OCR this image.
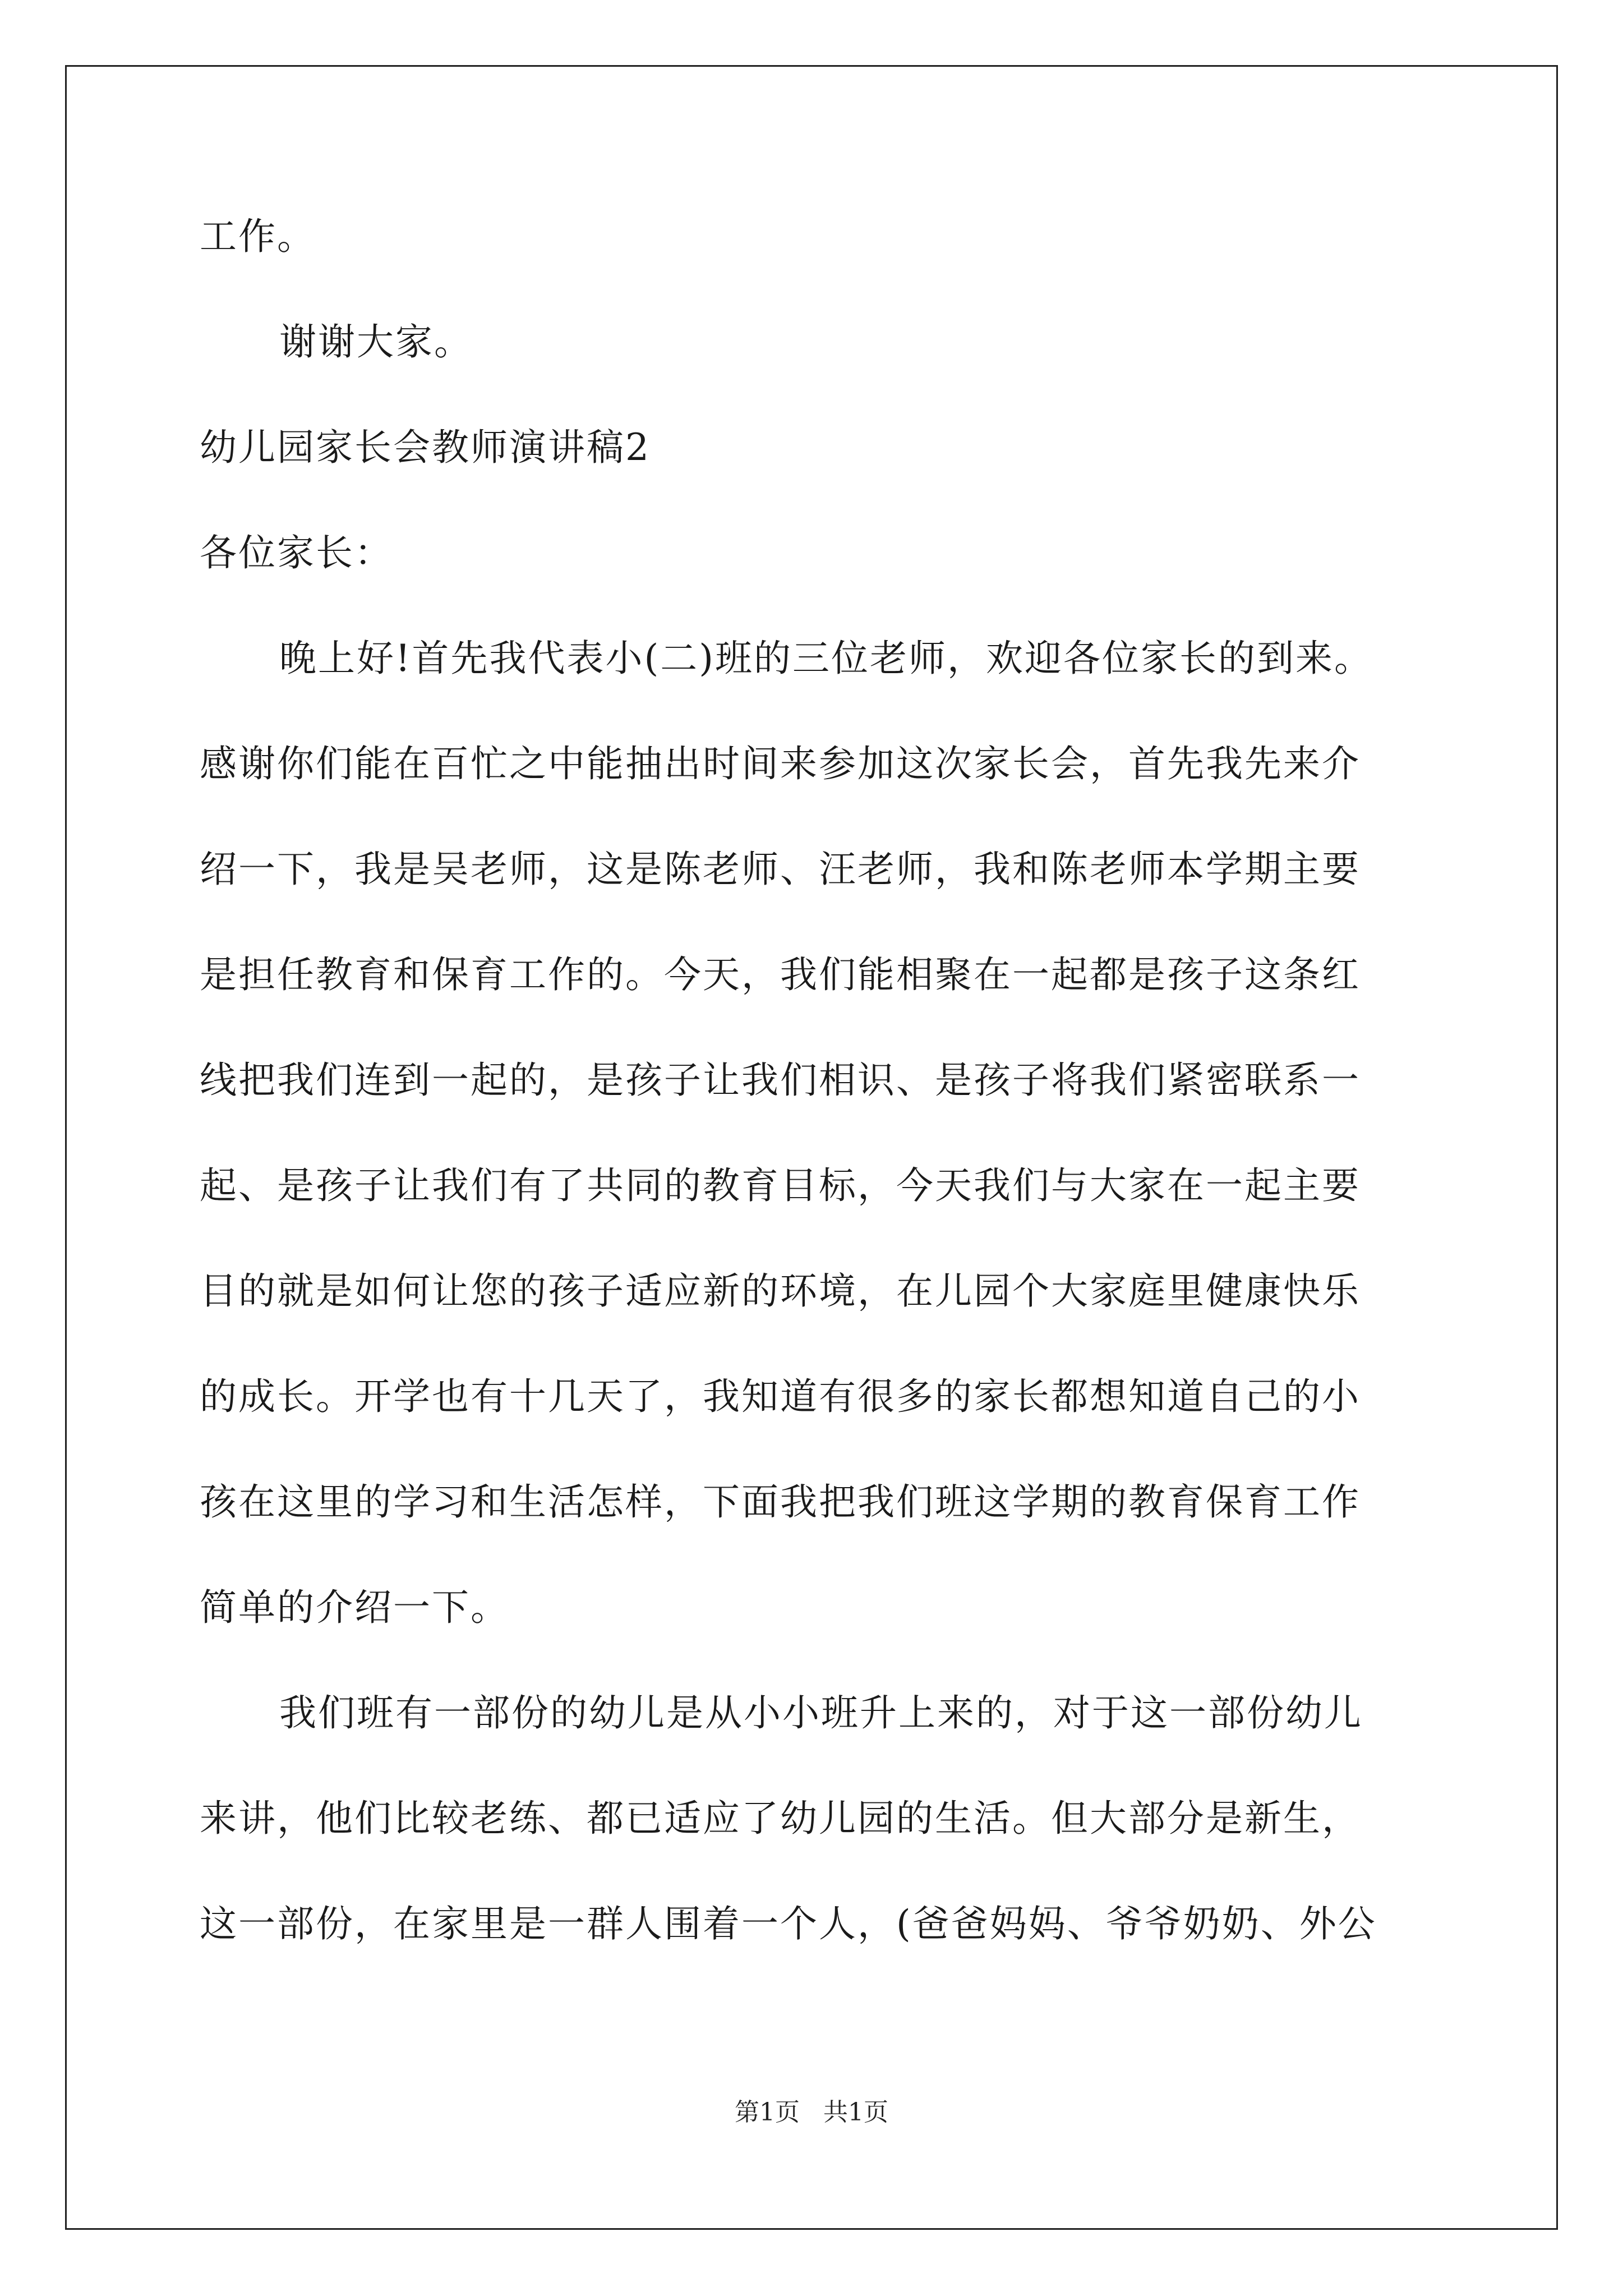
工作。
谢谢大家。
幼儿园家长会教师演讲稿2
各位家长：
晚上好!首先我代表小(二)班的三位老师，欢迎各位家长的到来。
感谢你们能在百忙之中能抽出时间来参加这次家长会，首先我先来介
绍一下，我是吴老师，这是陈老师、汪老师，我和陈老师本学期主要
是担任教育和保育工作的。今天，我们能相聚在一起都是孩子这条红
线把我们连到一起的，是孩子让我们相识、是孩子将我们紧密联系一
起、是孩子让我们有了共同的教育目标，今天我们与大家在一起主要
目的就是如何让您的孩子适应新的环境，在儿园个大家庭里健康快乐
的成长。开学也有十几天了，我知道有很多的家长都想知道自己的小
孩在这里的学习和生活怎样，下面我把我们班这学期的教育保育工作
简单的介绍一下。
我们班有一部份的幼儿是从小小班升上来的，对于这一部份幼儿
来讲，他们比较老练、都已适应了幼儿园的生活。但大部分是新生，
这一部份，在家里是一群人围着一个人，(爸爸妈妈、爷爷奶奶、外公
第1页 共1页
